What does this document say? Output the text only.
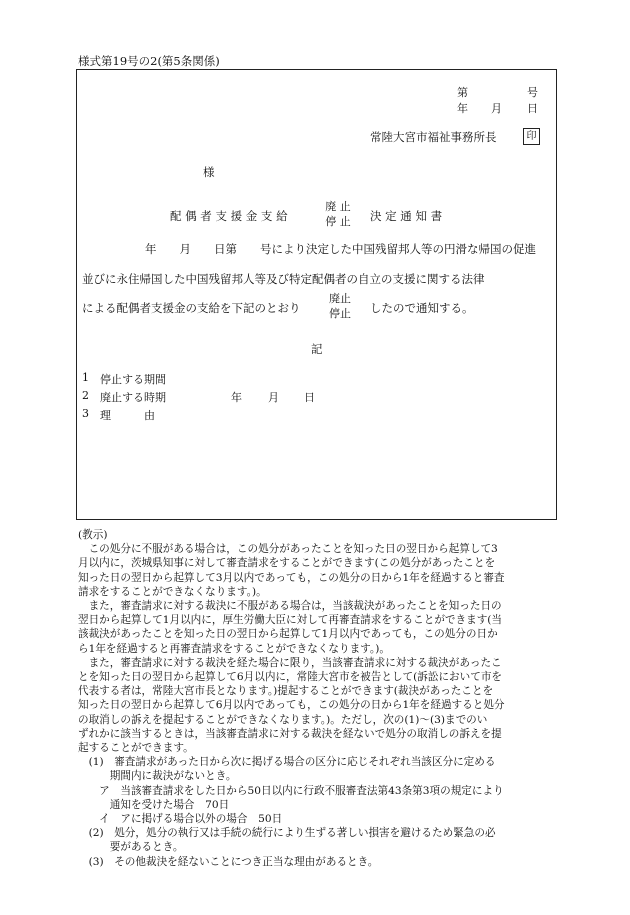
様式第19号の2(第5条関係)
第	号
年 月 日
常陸大宮市福祉事務所長	印
様
配 偶 者 支 援 金 支 給
廃 止
停 止 決 定 通 知 書
年　　月　　日第　　号により決定した中国残留邦人等の円滑な帰国の促進
並びに永住帰国した中国残留邦人等及び特定配偶者の自立の支援に関する法律
による配偶者支援金の支給を下記のとおり
廃止
停止	したので通知する。
記
1 停止する期間
2 廃止する時期	年 月 日
3 理　　　由
(教示)
　この処分に不服がある場合は，この処分があったことを知った日の翌日から起算して3
月以内に，茨城県知事に対して審査請求をすることができます(この処分があったことを
知った日の翌日から起算して3月以内であっても，この処分の日から1年を経過すると審査
請求をすることができなくなります。)。
　また，審査請求に対する裁決に不服がある場合は，当該裁決があったことを知った日の
翌日から起算して1月以内に，厚生労働大臣に対して再審査請求をすることができます(当
該裁決があったことを知った日の翌日から起算して1月以内であっても，この処分の日か
ら1年を経過すると再審査請求をすることができなくなります。)。
　また，審査請求に対する裁決を経た場合に限り，当該審査請求に対する裁決があったこ
とを知った日の翌日から起算して6月以内に，常陸大宮市を被告として(訴訟において市を
代表する者は，常陸大宮市長となります。)提起することができます(裁決があったことを
知った日の翌日から起算して6月以内であっても，この処分の日から1年を経過すると処分
の取消しの訴えを提起することができなくなります。)。ただし，次の(1)～(3)までのい
ずれかに該当するときは，当該審査請求に対する裁決を経ないで処分の取消しの訴えを提
起することができます。
　(1)　審査請求があった日から次に掲げる場合の区分に応じそれぞれ当該区分に定める
　　　期間内に裁決がないとき。
　　ア　当該審査請求をした日から50日以内に行政不服審査法第43条第3項の規定により
　　　通知を受けた場合　70日
　　イ　アに掲げる場合以外の場合　50日
　(2)　処分，処分の執行又は手続の続行により生ずる著しい損害を避けるため緊急の必
　　　要があるとき。
　(3)　その他裁決を経ないことにつき正当な理由があるとき。
